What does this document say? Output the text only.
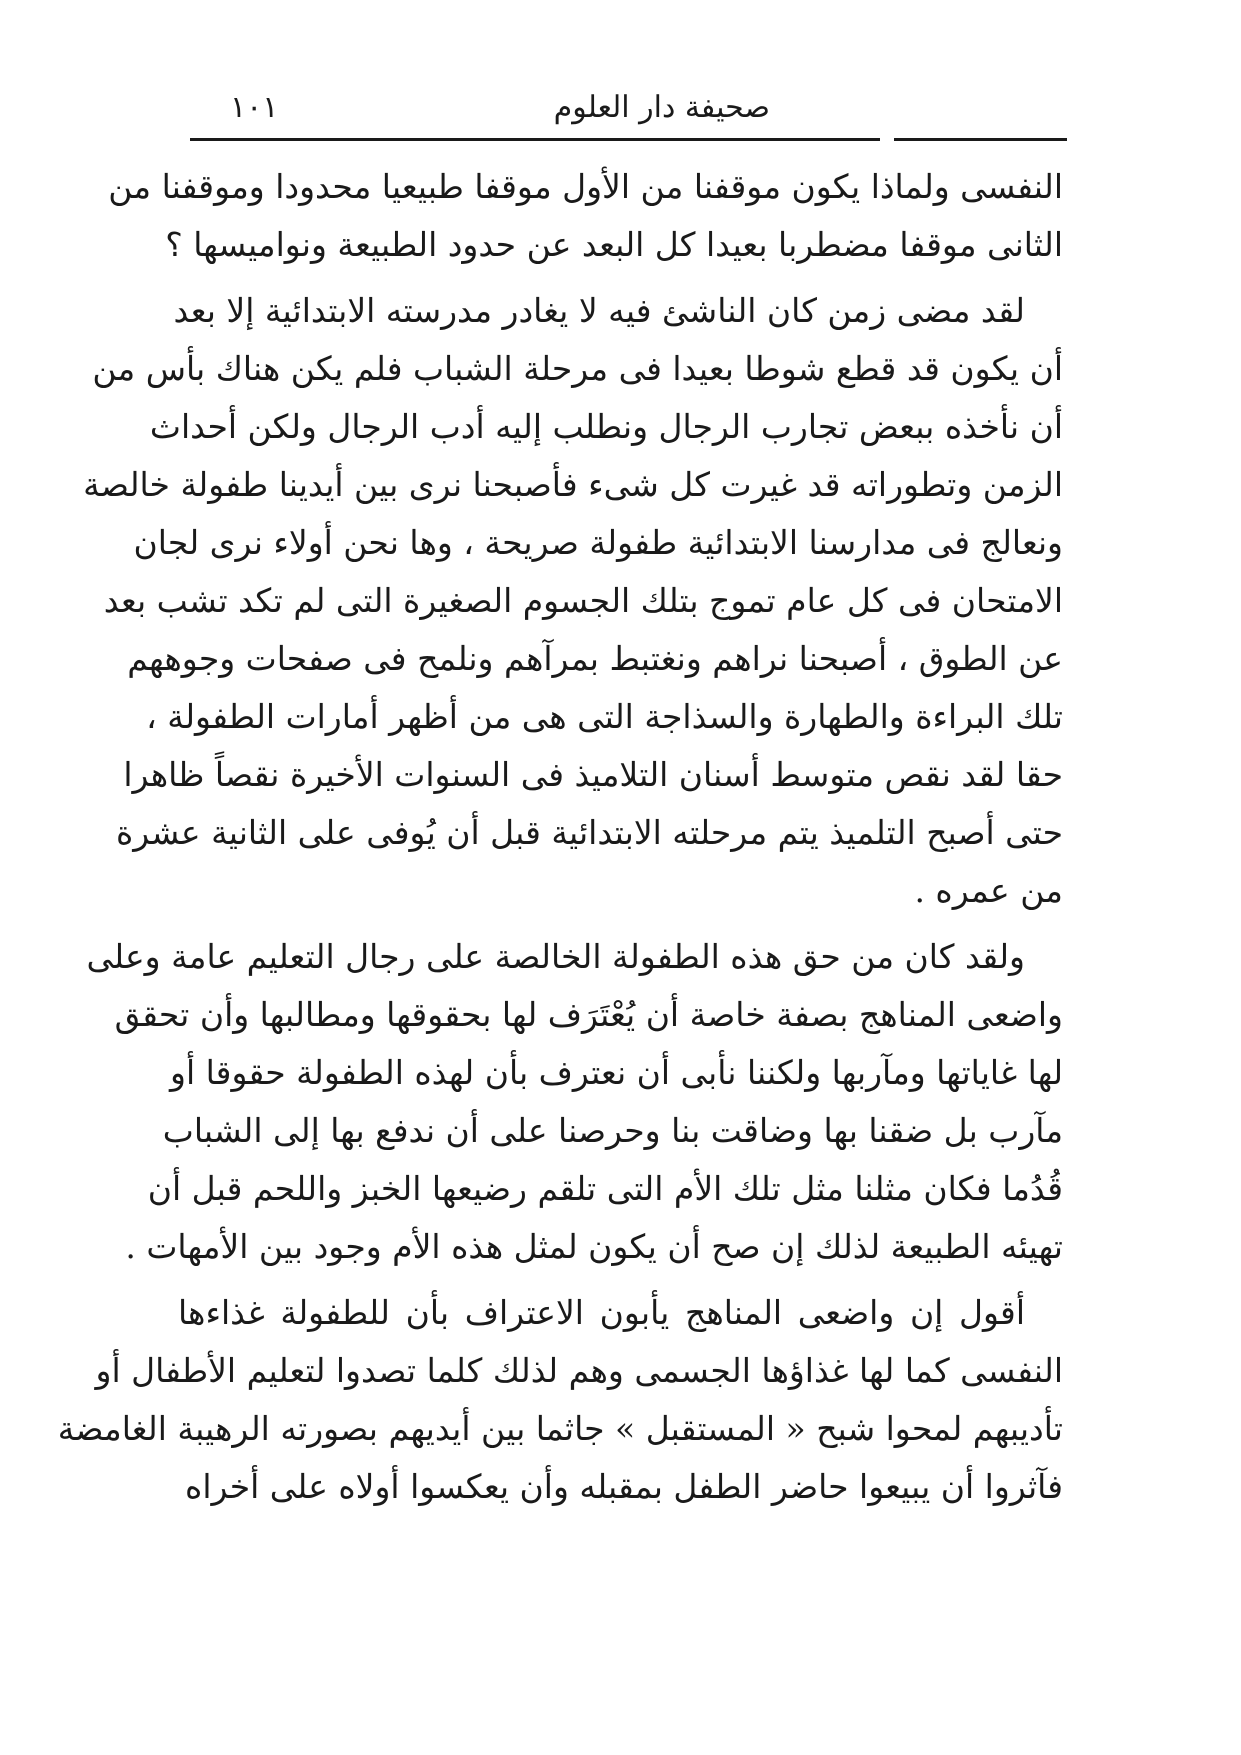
صحيفة دار العلوم
١٠١
النفسى ولماذا يكون موقفنا من الأول موقفا طبيعيا محدودا وموقفنا من
الثانى موقفا مضطربا بعيدا كل البعد عن حدود الطبيعة ونواميسها ؟
لقد مضى زمن كان الناشئ فيه لا يغادر مدرسته الابتدائية إلا بعد
أن يكون قد قطع شوطا بعيدا فى مرحلة الشباب فلم يكن هناك بأس من
أن نأخذه ببعض تجارب الرجال ونطلب إليه أدب الرجال ولكن أحداث
الزمن وتطوراته قد غيرت كل شىء فأصبحنا نرى بين أيدينا طفولة خالصة
ونعالج فى مدارسنا الابتدائية طفولة صريحة ، وها نحن أولاء نرى لجان
الامتحان فى كل عام تموج بتلك الجسوم الصغيرة التى لم تكد تشب بعد
عن الطوق ، أصبحنا نراهم ونغتبط بمرآهم ونلمح فى صفحات وجوههم
تلك البراءة والطهارة والسذاجة التى هى من أظهر أمارات الطفولة ،
حقا لقد نقص متوسط أسنان التلاميذ فى السنوات الأخيرة نقصاً ظاهرا
حتى أصبح التلميذ يتم مرحلته الابتدائية قبل أن يُوفى على الثانية عشرة
من عمره .
ولقد كان من حق هذه الطفولة الخالصة على رجال التعليم عامة وعلى
واضعى المناهج بصفة خاصة أن يُعْتَرَف لها بحقوقها ومطالبها وأن تحقق
لها غاياتها ومآربها ولكننا نأبى أن نعترف بأن لهذه الطفولة حقوقا أو
مآرب بل ضقنا بها وضاقت بنا وحرصنا على أن ندفع بها إلى الشباب
قُدُما فكان مثلنا مثل تلك الأم التى تلقم رضيعها الخبز واللحم قبل أن
تهيئه الطبيعة لذلك إن صح أن يكون لمثل هذه الأم وجود بين الأمهات .
أقول إن واضعى المناهج يأبون الاعتراف بأن للطفولة غذاءها
النفسى كما لها غذاؤها الجسمى وهم لذلك كلما تصدوا لتعليم الأطفال أو
تأديبهم لمحوا شبح « المستقبل » جاثما بين أيديهم بصورته الرهيبة الغامضة
فآثروا أن يبيعوا حاضر الطفل بمقبله وأن يعكسوا أولاه على أخراه
